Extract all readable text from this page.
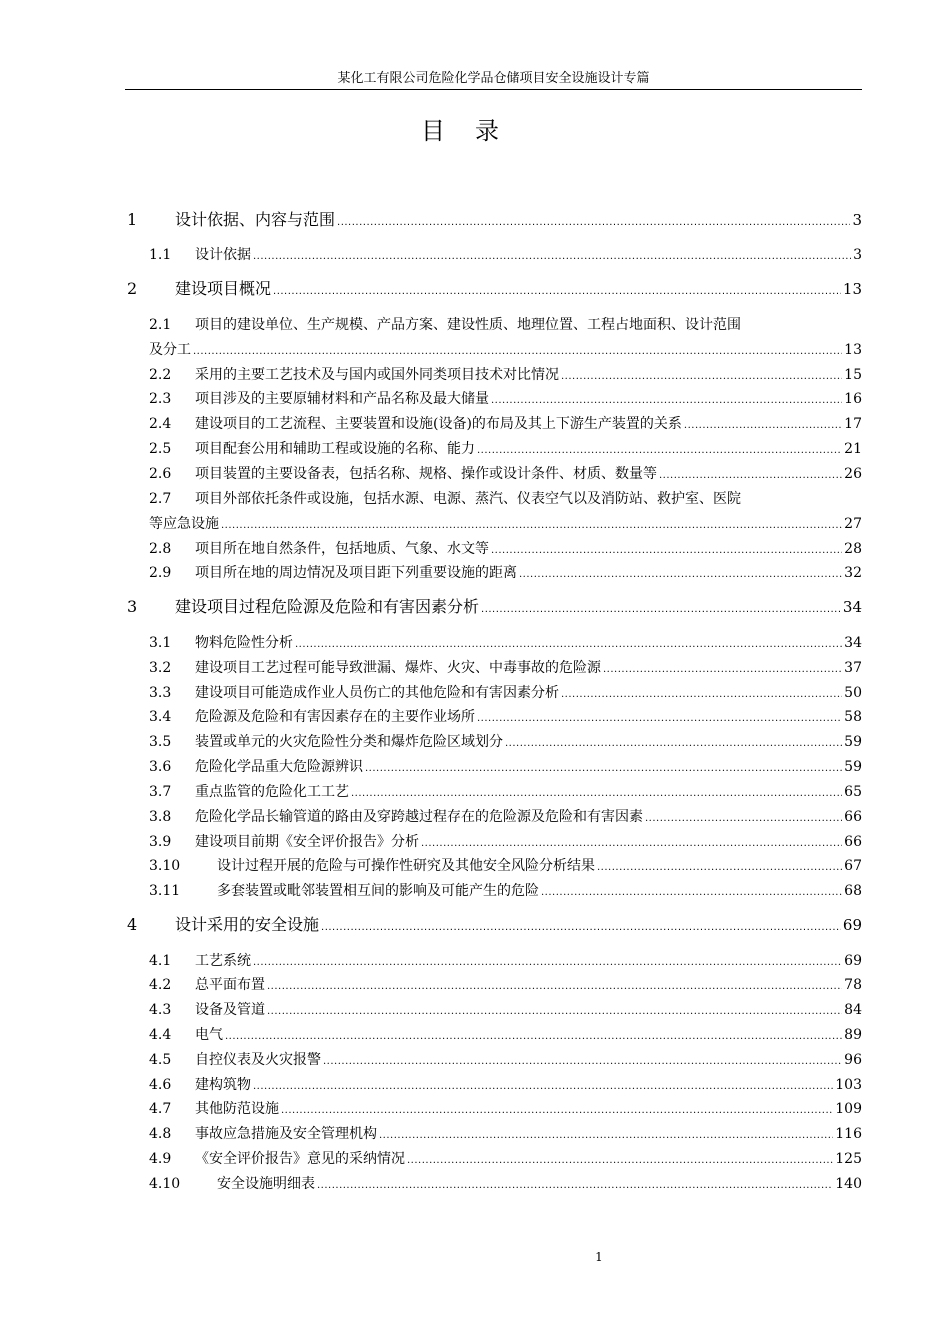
某化工有限公司危险化学品仓储项目安全设施设计专篇
目录
1	设计依据、内容与范围 .....	3
1.1	设计依据 .....	3
2	建设项目概况 .....	13
2.1 项目的建设单位、生产规模、产品方案、建设性质、地理位置、工程占地面积、设计范围
及分工 .....	13
2.2	采用的主要工艺技术及与国内或国外同类项目技术对比情况 .....	15
2.3	项目涉及的主要原辅材料和产品名称及最大储量 .....	16
2.4	建设项目的工艺流程、主要装置和设施(设备)的布局及其上下游生产装置的关系 .....	17
2.5	项目配套公用和辅助工程或设施的名称、能力 .....	21
2.6	项目装置的主要设备表，包括名称、规格、操作或设计条件、材质、数量等 .....	26
2.7 项目外部依托条件或设施，包括水源、电源、蒸汽、仪表空气以及消防站、救护室、医院
等应急设施 .....	27
2.8	项目所在地自然条件，包括地质、气象、水文等 .....	28
2.9	项目所在地的周边情况及项目距下列重要设施的距离 .....	32
3	建设项目过程危险源及危险和有害因素分析 .....	34
3.1	物料危险性分析 .....	34
3.2	建设项目工艺过程可能导致泄漏、爆炸、火灾、中毒事故的危险源 .....	37
3.3	建设项目可能造成作业人员伤亡的其他危险和有害因素分析 .....	50
3.4	危险源及危险和有害因素存在的主要作业场所 .....	58
3.5	装置或单元的火灾危险性分类和爆炸危险区域划分 .....	59
3.6	危险化学品重大危险源辨识 .....	59
3.7	重点监管的危险化工工艺 .....	65
3.8	危险化学品长输管道的路由及穿跨越过程存在的危险源及危险和有害因素 .....	66
3.9	建设项目前期《安全评价报告》分析 .....	66
3.10	设计过程开展的危险与可操作性研究及其他安全风险分析结果 .....	67
3.11	多套装置或毗邻装置相互间的影响及可能产生的危险 .....	68
4	设计采用的安全设施 .....	69
4.1	工艺系统 .....	69
4.2	总平面布置 .....	78
4.3	设备及管道 .....	84
4.4	电气 .....	89
4.5	自控仪表及火灾报警 .....	96
4.6	建构筑物 .....	103
4.7	其他防范设施 .....	109
4.8	事故应急措施及安全管理机构 .....	116
4.9	《安全评价报告》意见的采纳情况 .....	125
4.10	安全设施明细表 .....	140
1
